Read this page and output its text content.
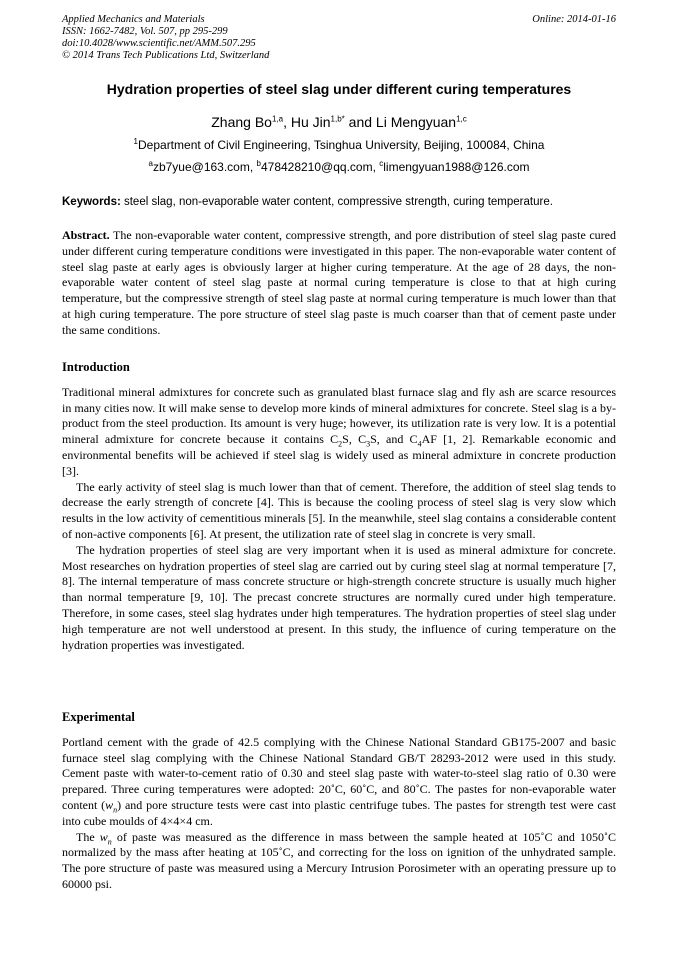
Applied Mechanics and Materials
ISSN: 1662-7482, Vol. 507, pp 295-299
doi:10.4028/www.scientific.net/AMM.507.295
© 2014 Trans Tech Publications Ltd, Switzerland
Online: 2014-01-16
Hydration properties of steel slag under different curing temperatures
Zhang Bo$^{1,a}$, Hu Jin$^{1,b*}$ and Li Mengyuan$^{1,c}$
$^1$Department of Civil Engineering, Tsinghua University, Beijing, 100084, China
$^a$zb7yue@163.com, $^b$478428210@qq.com, $^c$limengyuan1988@126.com
Keywords: steel slag, non-evaporable water content, compressive strength, curing temperature.
Abstract. The non-evaporable water content, compressive strength, and pore distribution of steel slag paste cured under different curing temperature conditions were investigated in this paper. The non-evaporable water content of steel slag paste at early ages is obviously larger at higher curing temperature. At the age of 28 days, the non-evaporable water content of steel slag paste at normal curing temperature is close to that at high curing temperature, but the compressive strength of steel slag paste at normal curing temperature is much lower than that at high curing temperature. The pore structure of steel slag paste is much coarser than that of cement paste under the same conditions.
Introduction

Traditional mineral admixtures for concrete such as granulated blast furnace slag and fly ash are scarce resources in many cities now. It will make sense to develop more kinds of mineral admixtures for concrete. Steel slag is a by-product from the steel production. Its amount is very huge; however, its utilization rate is very low. It is a potential mineral admixture for concrete because it contains $C_2S$, $C_3S$, and $C_4AF$ [1, 2]. Remarkable economic and environmental benefits will be achieved if steel slag is widely used as mineral admixture in concrete production [3].

The early activity of steel slag is much lower than that of cement. Therefore, the addition of steel slag tends to decrease the early strength of concrete [4]. This is because the cooling process of steel slag is very slow which results in the low activity of cementitious minerals [5]. In the meanwhile, steel slag contains a considerable content of non-active components [6]. At present, the utilization rate of steel slag in concrete is very small.

The hydration properties of steel slag are very important when it is used as mineral admixture for concrete. Most researches on hydration properties of steel slag are carried out by curing steel slag at normal temperature [7, 8]. The internal temperature of mass concrete structure or high-strength concrete structure is usually much higher than normal temperature [9, 10]. The precast concrete structures are normally cured under high temperature. Therefore, in some cases, steel slag hydrates under high temperatures. The hydration properties of steel slag under high temperature are not well understood at present. In this study, the influence of curing temperature on the hydration properties was investigated.

Experimental

Portland cement with the grade of 42.5 complying with the Chinese National Standard GB175-2007 and basic furnace steel slag complying with the Chinese National Standard GB/T 28293-2012 were used in this study. Cement paste with water-to-cement ratio of 0.30 and steel slag paste with water-to-steel slag ratio of 0.30 were prepared. Three curing temperatures were adopted: 20˚C, 60˚C, and 80˚C. The pastes for non-evaporable water content $(w_n)$ and pore structure tests were cast into plastic centrifuge tubes. The pastes for strength test were cast into cube moulds of 4×4×4 cm.

The $w_n$ of paste was measured as the difference in mass between the sample heated at 105˚C and 1050˚C normalized by the mass after heating at 105˚C, and correcting for the loss on ignition of the unhydrated sample. The pore structure of paste was measured using a Mercury Intrusion Porosimeter with an operating pressure up to 60000 psi.
